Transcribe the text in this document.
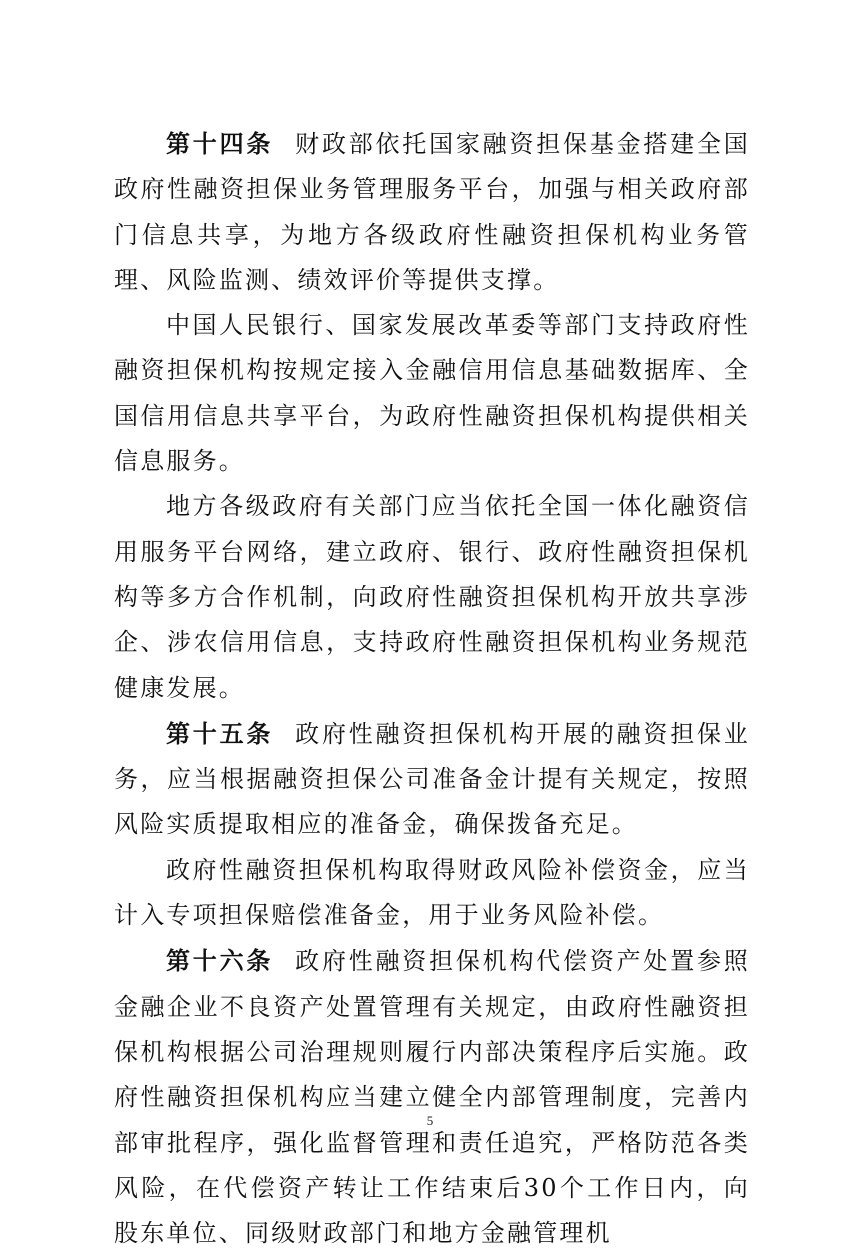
第十四条 财政部依托国家融资担保基金搭建全国政府性融资担保业务管理服务平台，加强与相关政府部门信息共享，为地方各级政府性融资担保机构业务管理、风险监测、绩效评价等提供支撑。

中国人民银行、国家发展改革委等部门支持政府性融资担保机构按规定接入金融信用信息基础数据库、全国信用信息共享平台，为政府性融资担保机构提供相关信息服务。

地方各级政府有关部门应当依托全国一体化融资信用服务平台网络，建立政府、银行、政府性融资担保机构等多方合作机制，向政府性融资担保机构开放共享涉企、涉农信用信息，支持政府性融资担保机构业务规范健康发展。

第十五条 政府性融资担保机构开展的融资担保业务，应当根据融资担保公司准备金计提有关规定，按照风险实质提取相应的准备金，确保拨备充足。

政府性融资担保机构取得财政风险补偿资金，应当计入专项担保赔偿准备金，用于业务风险补偿。

第十六条 政府性融资担保机构代偿资产处置参照金融企业不良资产处置管理有关规定，由政府性融资担保机构根据公司治理规则履行内部决策程序后实施。政府性融资担保机构应当建立健全内部管理制度，完善内部审批程序，强化监督管理和责任追究，严格防范各类风险，在代偿资产转让工作结束后30个工作日内，向股东单位、同级财政部门和地方金融管理机

5
